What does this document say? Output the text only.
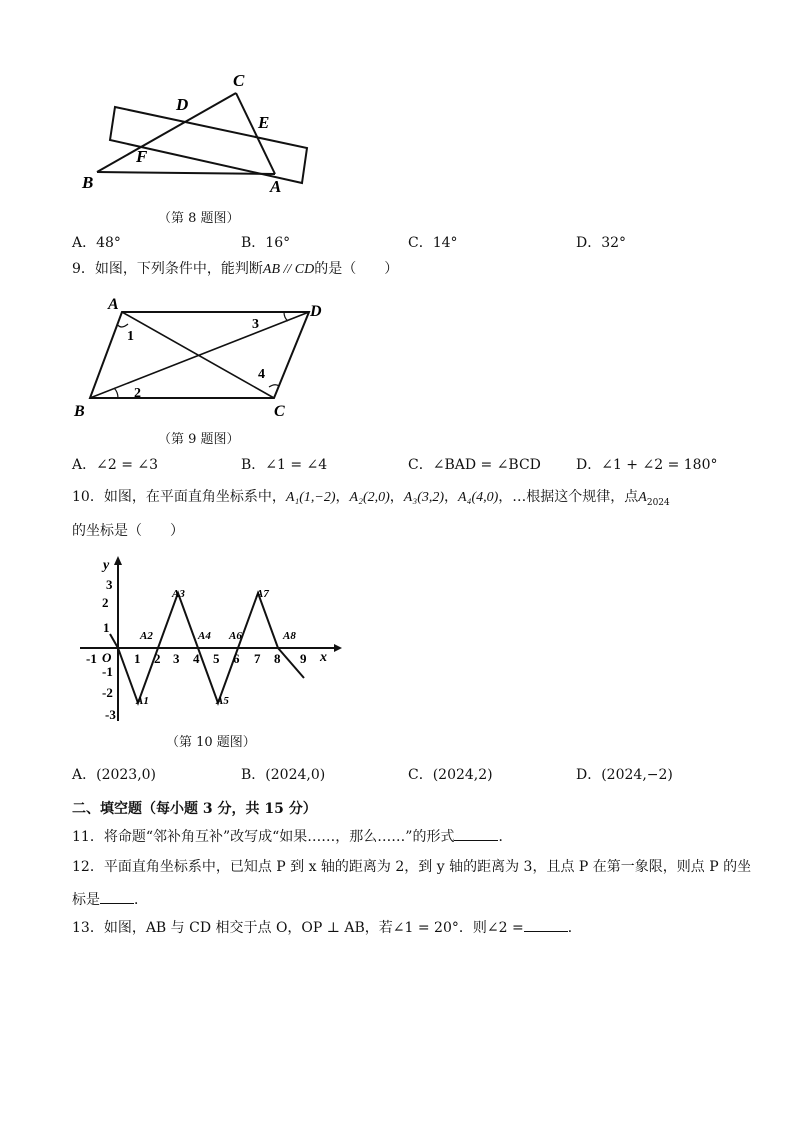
C
D
E
F
B	A
（第 8 题图）
A．48°	B．16°	C．14°	D．32°
9．如图，下列条件中，能判断AB // CD的是（　　）
A	D
B	C
1
2
3
4
（第 9 题图）
A．∠2 = ∠3	B．∠1 = ∠4	C．∠BAD = ∠BCD	D．∠1 + ∠2 = 180°
10．如图，在平面直角坐标系中，A₁(1,−2)，A₂(2,0)，A₃(3,2)，A₄(4,0)，…根据这个规律，点$A_{2024}$
的坐标是（　　）
y
x
O
-1	1 2 3 4 5 6 7 8 9
3
2
1
-1
-2
-3
A1
A2
A3
A4
A5
A6
A7
A8
（第 10 题图）
A．(2023,0)	B．(2024,0)	C．(2024,2)	D．(2024,−2)
二、填空题（每小题 3 分，共 15 分）
11．将命题“邻补角互补”改写成“如果……，那么……”的形式	．
12．平面直角坐标系中，已知点 P 到 x 轴的距离为 2，到 y 轴的距离为 3，且点 P 在第一象限，则点 P 的坐
标是 ．
13．如图，AB 与 CD 相交于点 O，OP ⊥ AB，若∠1 = 20°．则∠2 =	．
